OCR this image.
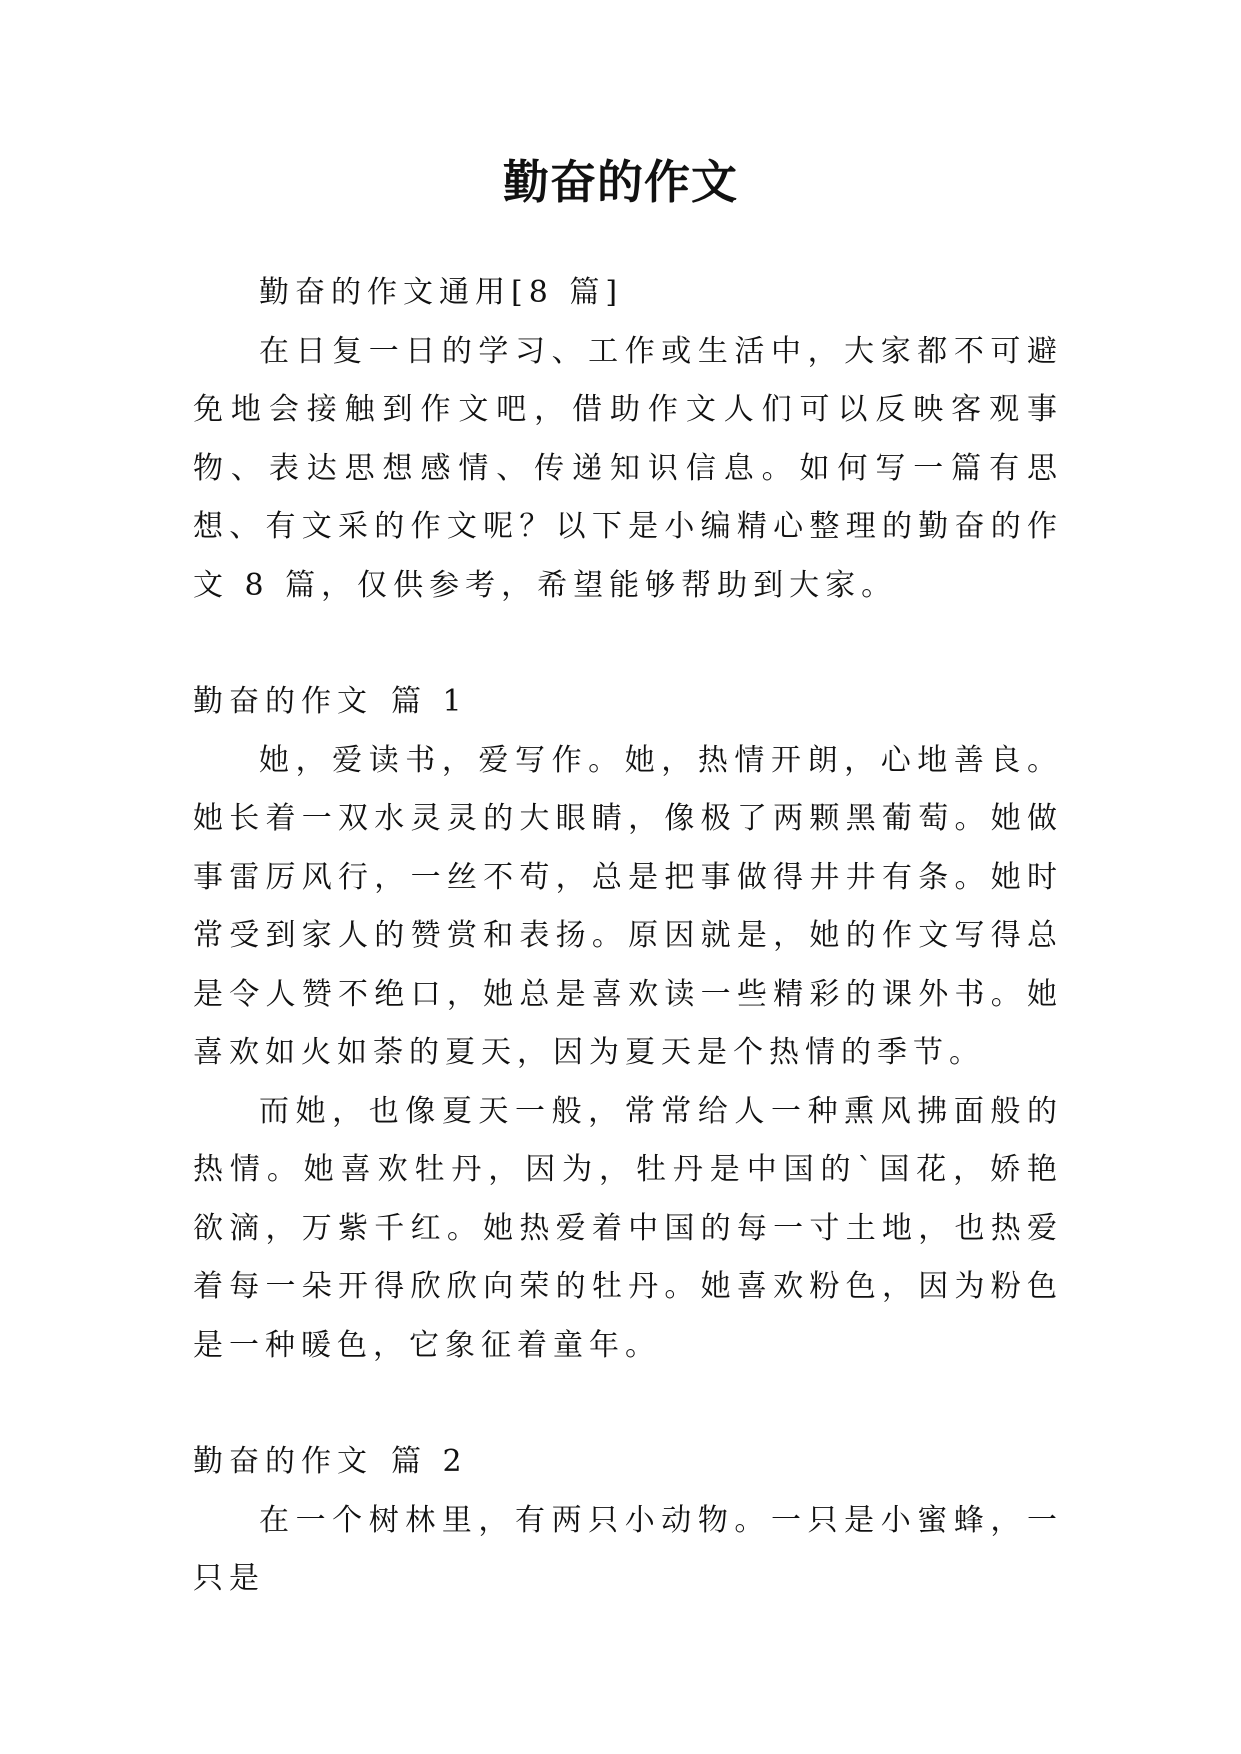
勤奋的作文

勤奋的作文通用[8 篇]

在日复一日的学习、工作或生活中，大家都不可避免地会接触到作文吧，借助作文人们可以反映客观事物、表达思想感情、传递知识信息。如何写一篇有思想、有文采的作文呢？以下是小编精心整理的勤奋的作文 8 篇，仅供参考，希望能够帮助到大家。

勤奋的作文 篇 1

她，爱读书，爱写作。她，热情开朗，心地善良。她长着一双水灵灵的大眼睛，像极了两颗黑葡萄。她做事雷厉风行，一丝不苟，总是把事做得井井有条。她时常受到家人的赞赏和表扬。原因就是，她的作文写得总是令人赞不绝口，她总是喜欢读一些精彩的课外书。她喜欢如火如荼的夏天，因为夏天是个热情的季节。

而她，也像夏天一般，常常给人一种熏风拂面般的热情。她喜欢牡丹，因为，牡丹是中国的`国花，娇艳欲滴，万紫千红。她热爱着中国的每一寸土地，也热爱着每一朵开得欣欣向荣的牡丹。她喜欢粉色，因为粉色是一种暖色，它象征着童年。

勤奋的作文 篇 2

在一个树林里，有两只小动物。一只是小蜜蜂，一只是
